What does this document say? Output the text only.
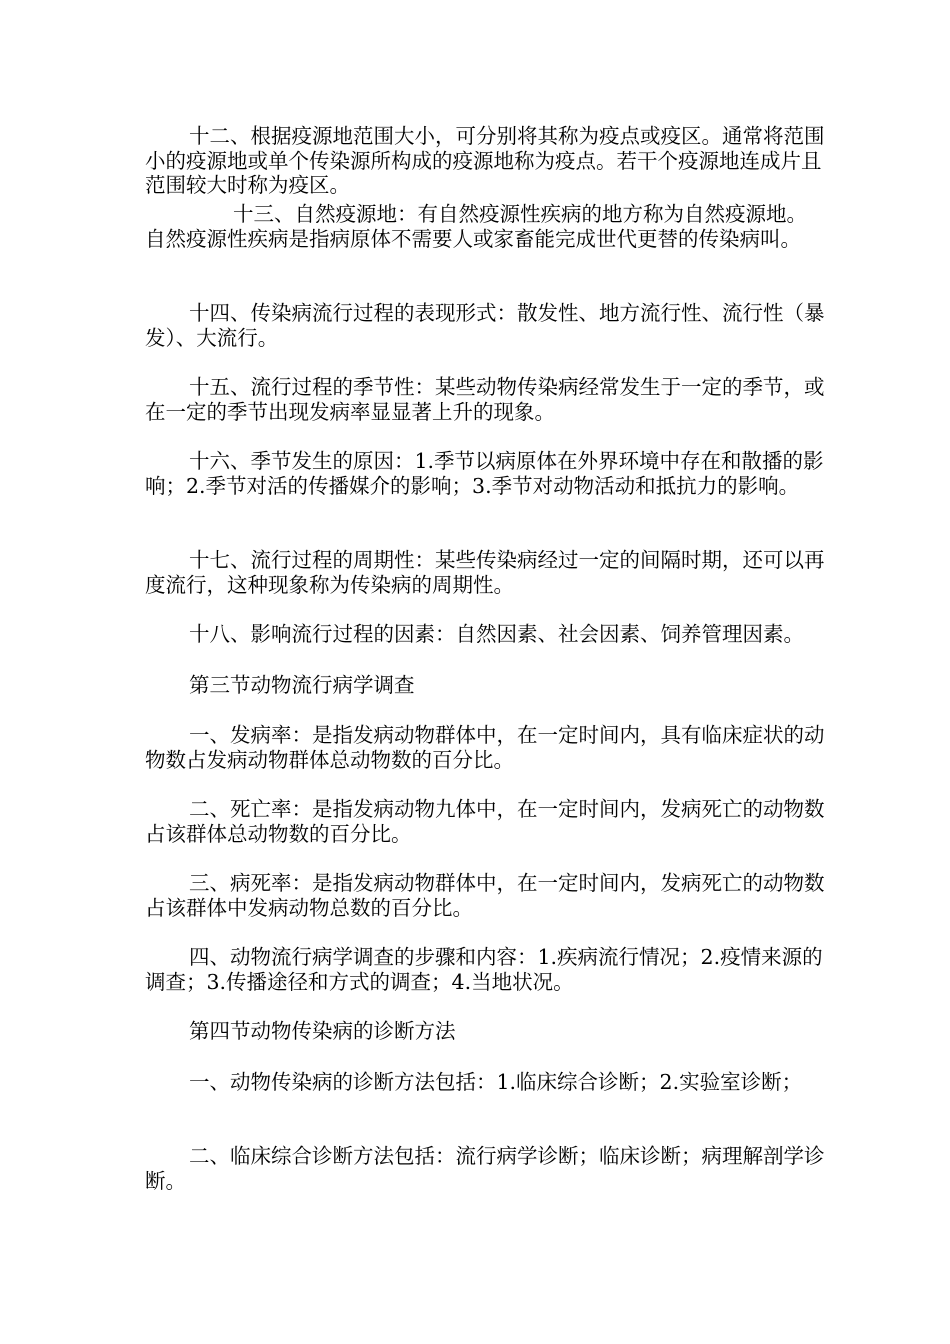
十二、根据疫源地范围大小，可分别将其称为疫点或疫区。通常将范围小的疫源地或单个传染源所构成的疫源地称为疫点。若干个疫源地连成片且范围较大时称为疫区。

十三、自然疫源地：有自然疫源性疾病的地方称为自然疫源地。自然疫源性疾病是指病原体不需要人或家畜能完成世代更替的传染病叫。

十四、传染病流行过程的表现形式：散发性、地方流行性、流行性（暴发）、大流行。

十五、流行过程的季节性：某些动物传染病经常发生于一定的季节，或在一定的季节出现发病率显显著上升的现象。

十六、季节发生的原因：1.季节以病原体在外界环境中存在和散播的影响；2.季节对活的传播媒介的影响；3.季节对动物活动和抵抗力的影响。

十七、流行过程的周期性：某些传染病经过一定的间隔时期，还可以再度流行，这种现象称为传染病的周期性。

十八、影响流行过程的因素：自然因素、社会因素、饲养管理因素。

第三节动物流行病学调查

一、发病率：是指发病动物群体中，在一定时间内，具有临床症状的动物数占发病动物群体总动物数的百分比。

二、死亡率：是指发病动物九体中，在一定时间内，发病死亡的动物数占该群体总动物数的百分比。

三、病死率：是指发病动物群体中，在一定时间内，发病死亡的动物数占该群体中发病动物总数的百分比。

四、动物流行病学调查的步骤和内容：1.疾病流行情况；2.疫情来源的调查；3.传播途径和方式的调查；4.当地状况。

第四节动物传染病的诊断方法

一、动物传染病的诊断方法包括：1.临床综合诊断；2.实验室诊断；

二、临床综合诊断方法包括：流行病学诊断；临床诊断；病理解剖学诊断。
